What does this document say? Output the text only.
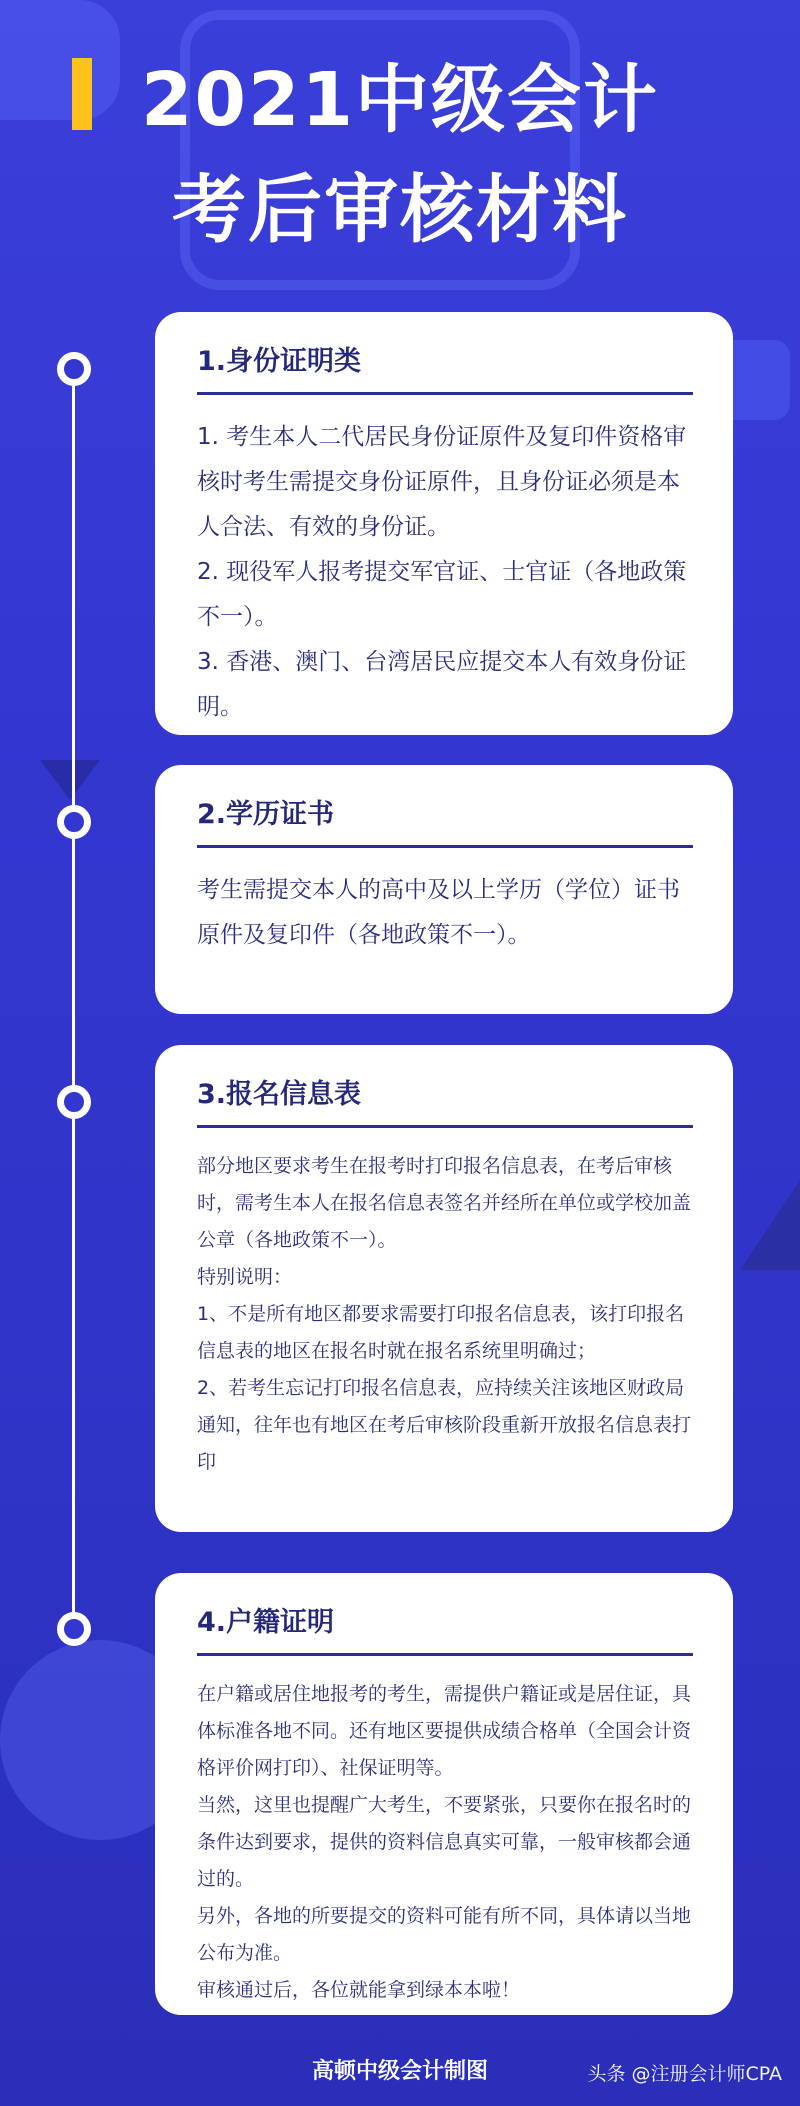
2021中级会计
考后审核材料
1.身份证明类

1. 考生本人二代居民身份证原件及复印件资格审核时考生需提交身份证原件，且身份证必须是本人合法、有效的身份证。

2. 现役军人报考提交军官证、士官证（各地政策不一）。

3. 香港、澳门、台湾居民应提交本人有效身份证明。

2.学历证书

考生需提交本人的高中及以上学历（学位）证书原件及复印件（各地政策不一）。

3.报名信息表

部分地区要求考生在报考时打印报名信息表，在考后审核时，需考生本人在报名信息表签名并经所在单位或学校加盖公章（各地政策不一）。

特别说明：

1、不是所有地区都要求需要打印报名信息表，该打印报名信息表的地区在报名时就在报名系统里明确过；

2、若考生忘记打印报名信息表，应持续关注该地区财政局通知，往年也有地区在考后审核阶段重新开放报名信息表打印

4.户籍证明

在户籍或居住地报考的考生，需提供户籍证或是居住证，具体标准各地不同。还有地区要提供成绩合格单（全国会计资格评价网打印）、社保证明等。

当然，这里也提醒广大考生，不要紧张，只要你在报名时的条件达到要求，提供的资料信息真实可靠，一般审核都会通过的。

另外，各地的所要提交的资料可能有所不同，具体请以当地公布为准。

审核通过后，各位就能拿到绿本本啦！

高顿中级会计制图	头条 @注册会计师CPA
